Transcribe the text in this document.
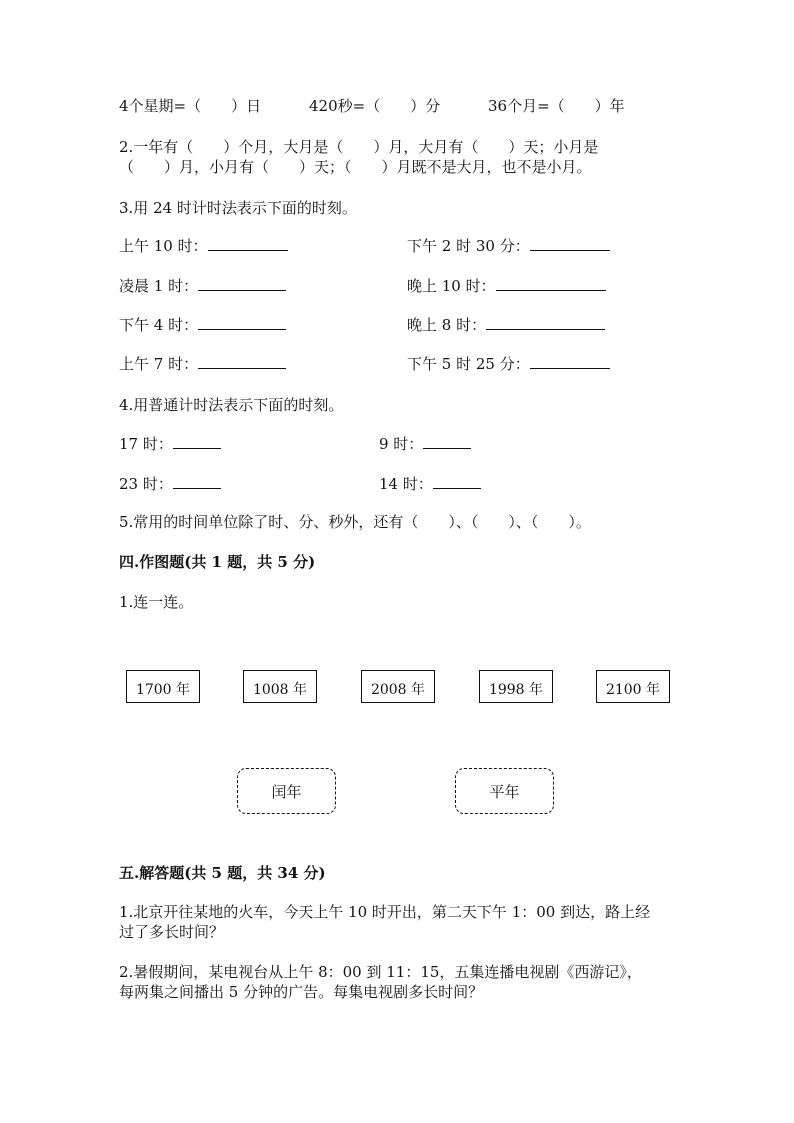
4个星期=（　　）日	420秒=（　　）分	36个月=（　　）年
2.一年有（　　）个月，大月是（　　）月，大月有（　　）天；小月是
（　　）月，小月有（　　）天；（　　）月既不是大月，也不是小月。
3.用 24 时计时法表示下面的时刻。
上午 10 时：	下午 2 时 30 分：
凌晨 1 时：	晚上 10 时：
下午 4 时：	晚上 8 时：
上午 7 时：	下午 5 时 25 分：
4.用普通计时法表示下面的时刻。
17 时：	9 时：
23 时：	14 时：
5.常用的时间单位除了时、分、秒外，还有（　　）、（　　）、（　　）。
四.作图题(共 1 题，共 5 分)
1.连一连。
1700 年	1008 年	2008 年	1998 年	2100 年
闰年	平年
五.解答题(共 5 题，共 34 分)
1.北京开往某地的火车，今天上午 10 时开出，第二天下午 1：00 到达，路上经
过了多长时间？
2.暑假期间，某电视台从上午 8：00 到 11：15，五集连播电视剧《西游记》，
每两集之间播出 5 分钟的广告。每集电视剧多长时间？
